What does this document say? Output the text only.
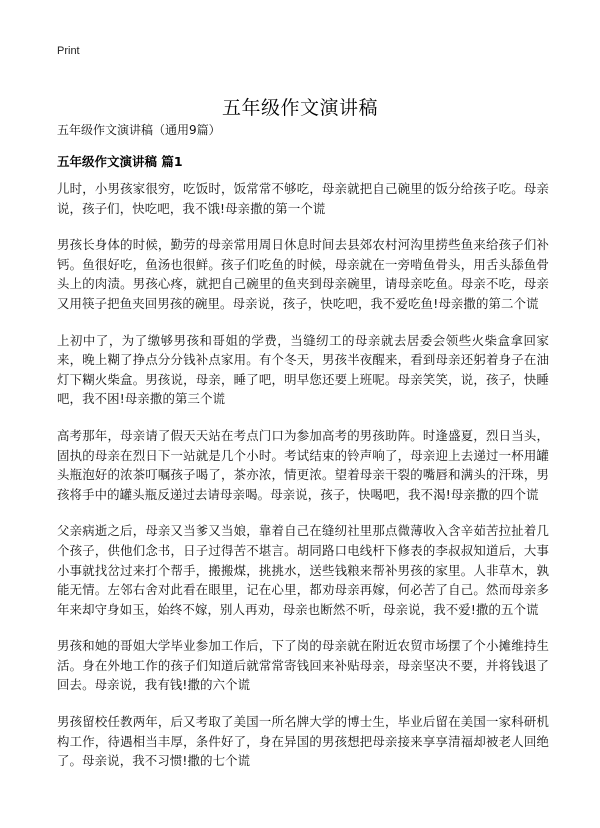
Print
五年级作文演讲稿
五年级作文演讲稿（通用9篇）
五年级作文演讲稿 篇1

儿时，小男孩家很穷，吃饭时，饭常常不够吃，母亲就把自己碗里的饭分给孩子吃。母亲说，孩子们，快吃吧，我不饿!母亲撒的第一个谎

男孩长身体的时候，勤劳的母亲常用周日休息时间去县郊农村河沟里捞些鱼来给孩子们补钙。鱼很好吃，鱼汤也很鲜。孩子们吃鱼的时候，母亲就在一旁啃鱼骨头，用舌头舔鱼骨头上的肉渍。男孩心疼，就把自己碗里的鱼夹到母亲碗里，请母亲吃鱼。母亲不吃，母亲又用筷子把鱼夹回男孩的碗里。母亲说，孩子，快吃吧，我不爱吃鱼!母亲撒的第二个谎

上初中了，为了缴够男孩和哥姐的学费，当缝纫工的母亲就去居委会领些火柴盒拿回家来，晚上糊了挣点分分钱补点家用。有个冬天，男孩半夜醒来，看到母亲还躬着身子在油灯下糊火柴盒。男孩说，母亲，睡了吧，明早您还要上班呢。母亲笑笑，说，孩子，快睡吧，我不困!母亲撒的第三个谎

高考那年，母亲请了假天天站在考点门口为参加高考的男孩助阵。时逢盛夏，烈日当头，固执的母亲在烈日下一站就是几个小时。考试结束的铃声响了，母亲迎上去递过一杯用罐头瓶泡好的浓茶叮嘱孩子喝了，茶亦浓，情更浓。望着母亲干裂的嘴唇和满头的汗珠，男孩将手中的罐头瓶反递过去请母亲喝。母亲说，孩子，快喝吧，我不渴!母亲撒的四个谎

父亲病逝之后，母亲又当爹又当娘，靠着自己在缝纫社里那点微薄收入含辛茹苦拉扯着几个孩子，供他们念书，日子过得苦不堪言。胡同路口电线杆下修表的李叔叔知道后，大事小事就找岔过来打个帮手，搬搬煤，挑挑水，送些钱粮来帮补男孩的家里。人非草木，孰能无情。左邻右舍对此看在眼里，记在心里，都劝母亲再嫁，何必苦了自己。然而母亲多年来却守身如玉，始终不嫁，别人再劝，母亲也断然不听，母亲说，我不爱!撒的五个谎

男孩和她的哥姐大学毕业参加工作后，下了岗的母亲就在附近农贸市场摆了个小摊维持生活。身在外地工作的孩子们知道后就常常寄钱回来补贴母亲，母亲坚决不要，并将钱退了回去。母亲说，我有钱!撒的六个谎

男孩留校任教两年，后又考取了美国一所名牌大学的博士生，毕业后留在美国一家科研机构工作，待遇相当丰厚，条件好了，身在异国的男孩想把母亲接来享享清福却被老人回绝了。母亲说，我不习惯!撒的七个谎
